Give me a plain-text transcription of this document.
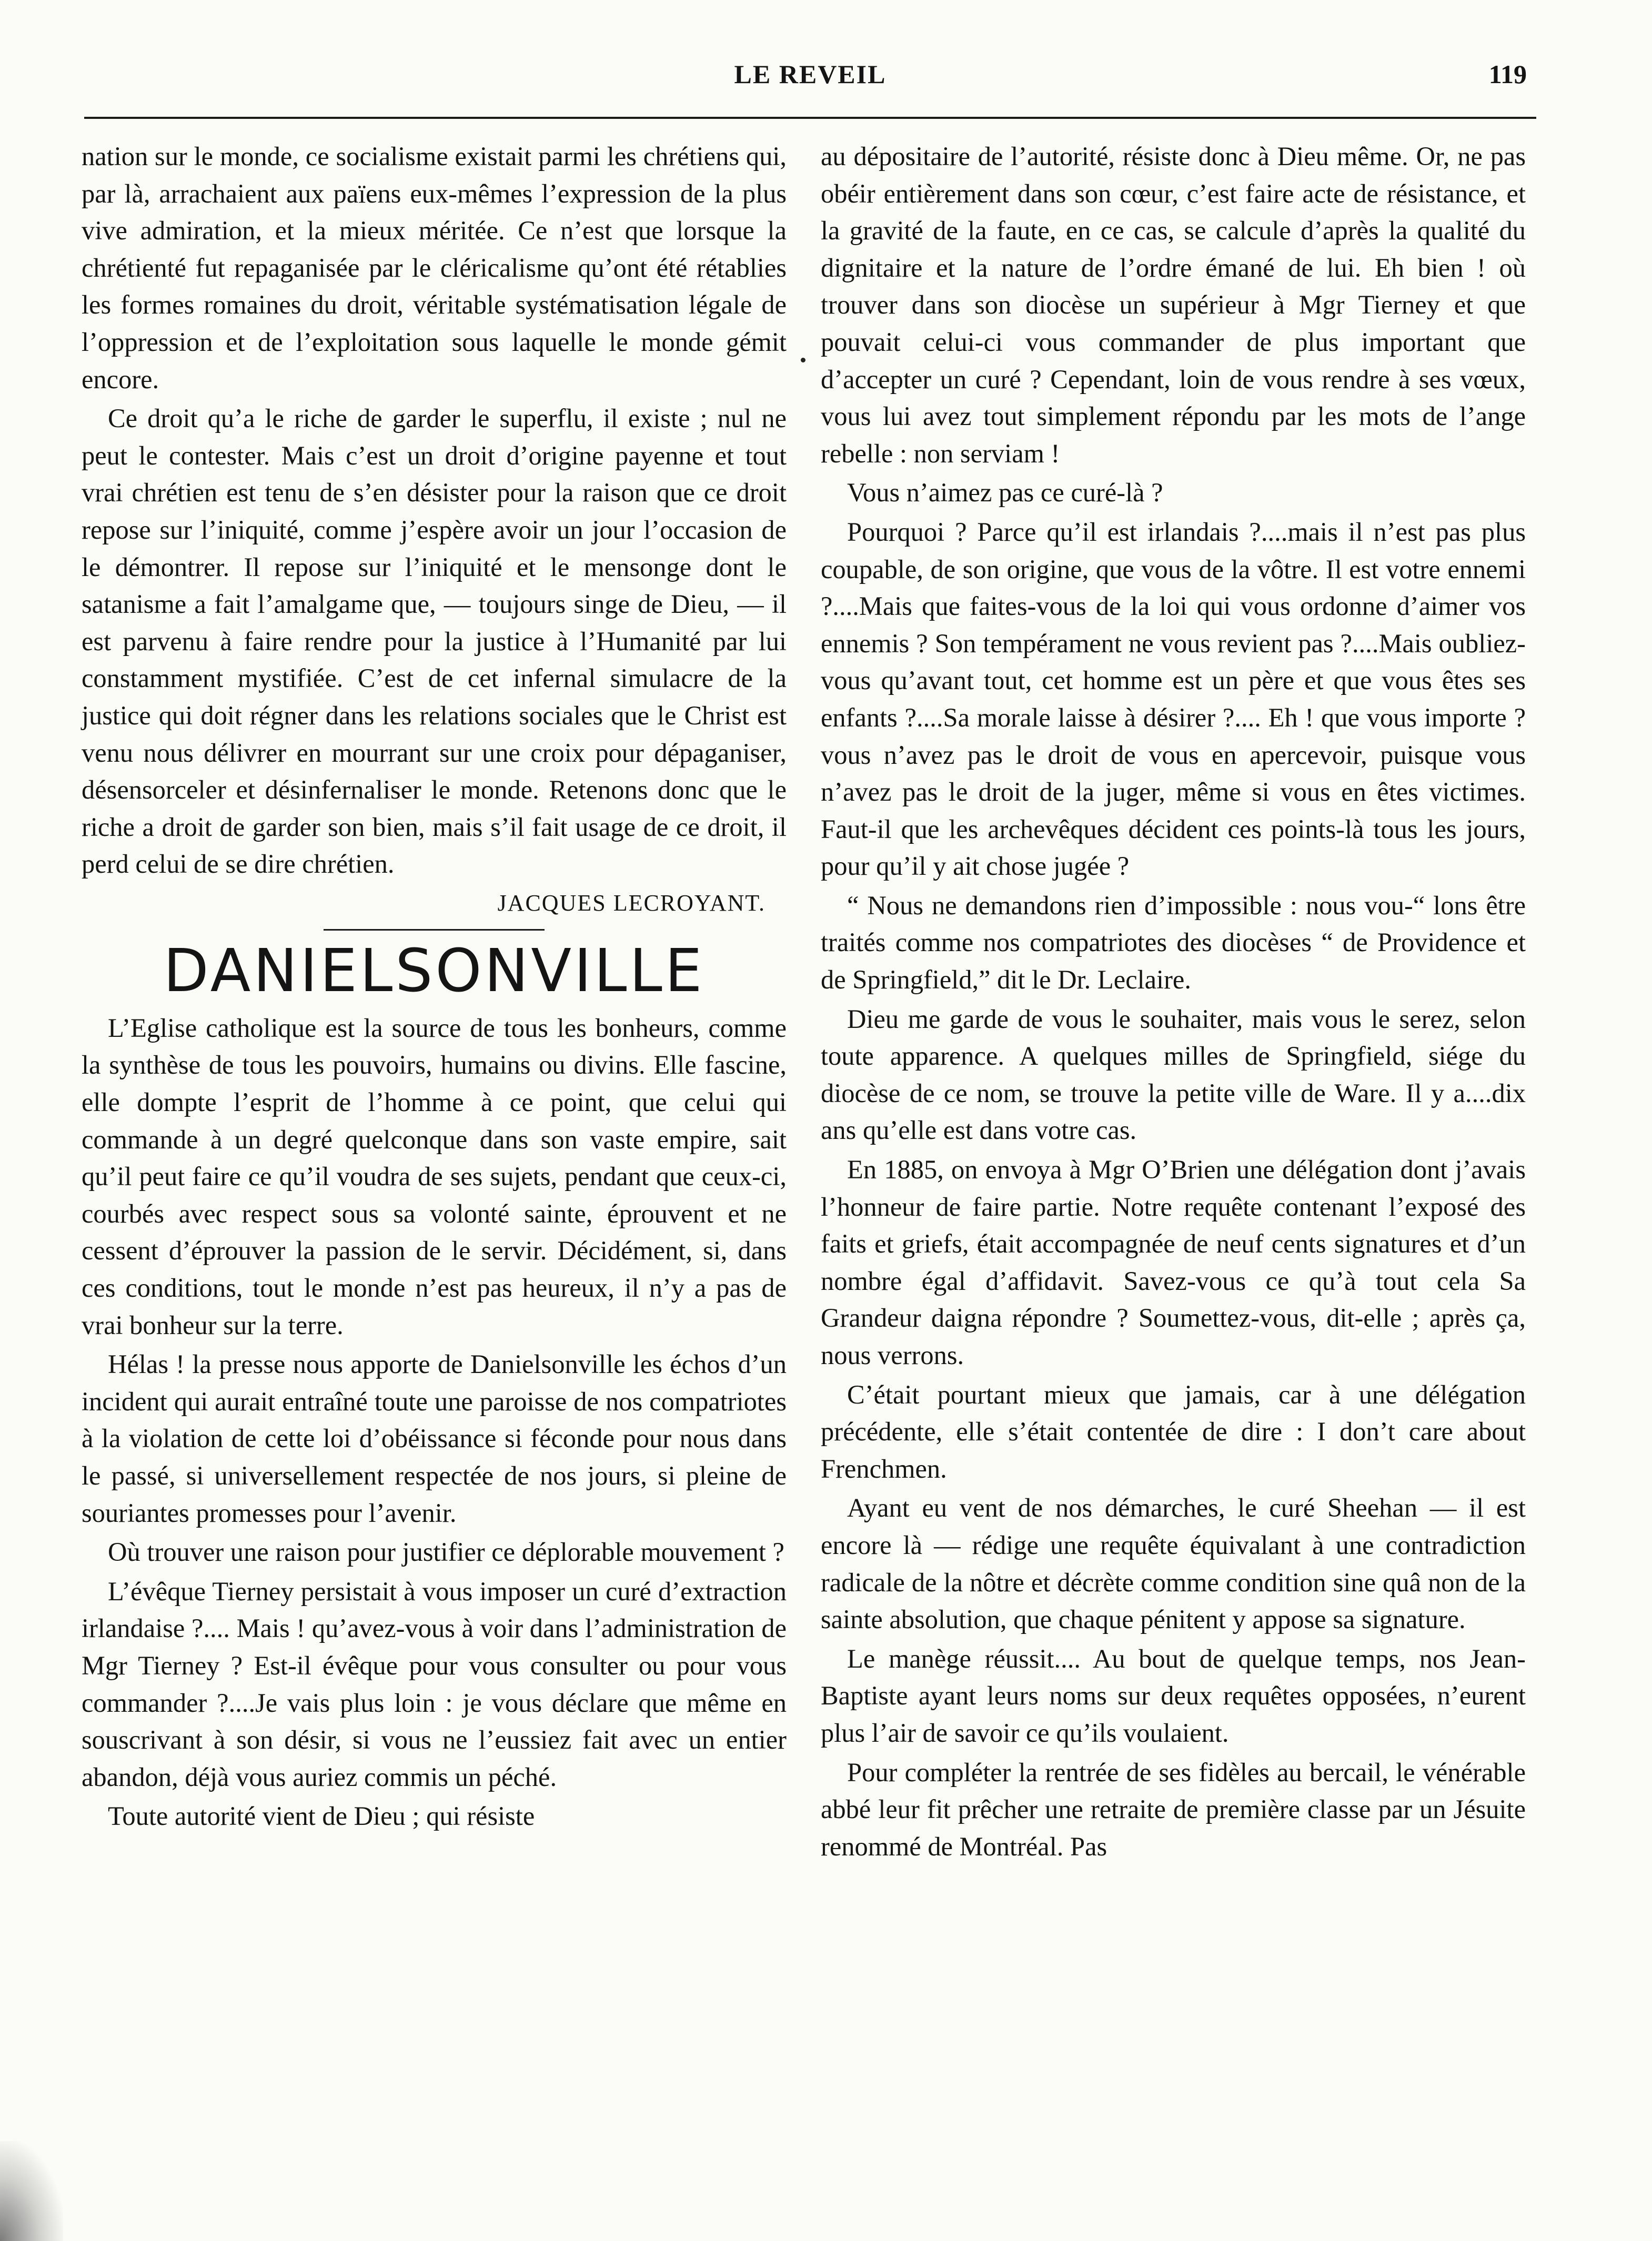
LE REVEIL	119

nation sur le monde, ce socialisme existait parmi les chrétiens qui, par là, arrachaient aux païens eux-mêmes l’expression de la plus vive admiration, et la mieux méritée. Ce n’est que lorsque la chrétienté fut repaganisée par le cléricalisme qu’ont été rétablies les formes romaines du droit, véritable systématisation légale de l’oppression et de l’exploitation sous laquelle le monde gémit encore.

Ce droit qu’a le riche de garder le superflu, il existe ; nul ne peut le contester. Mais c’est un droit d’origine payenne et tout vrai chrétien est tenu de s’en désister pour la raison que ce droit repose sur l’iniquité, comme j’espère avoir un jour l’occasion de le démontrer. Il repose sur l’iniquité et le mensonge dont le satanisme a fait l’amalgame que, — toujours singe de Dieu, — il est parvenu à faire rendre pour la justice à l’Humanité par lui constamment mystifiée. C’est de cet infernal simulacre de la justice qui doit régner dans les relations sociales que le Christ est venu nous délivrer en mourrant sur une croix pour dépaganiser, désensorceler et désinfernaliser le monde. Retenons donc que le riche a droit de garder son bien, mais s’il fait usage de ce droit, il perd celui de se dire chrétien.

JACQUES LECROYANT.

DANIELSONVILLE

L’Eglise catholique est la source de tous les bonheurs, comme la synthèse de tous les pouvoirs, humains ou divins. Elle fascine, elle dompte l’esprit de l’homme à ce point, que celui qui commande à un degré quelconque dans son vaste empire, sait qu’il peut faire ce qu’il voudra de ses sujets, pendant que ceux-ci, courbés avec respect sous sa volonté sainte, éprouvent et ne cessent d’éprouver la passion de le servir. Décidément, si, dans ces conditions, tout le monde n’est pas heureux, il n’y a pas de vrai bonheur sur la terre.

Hélas ! la presse nous apporte de Danielsonville les échos d’un incident qui aurait entraîné toute une paroisse de nos compatriotes à la violation de cette loi d’obéissance si féconde pour nous dans le passé, si universellement respectée de nos jours, si pleine de souriantes promesses pour l’avenir.

Où trouver une raison pour justifier ce déplorable mouvement ?

L’évêque Tierney persistait à vous imposer un curé d’extraction irlandaise ?.... Mais ! qu’avez-vous à voir dans l’administration de Mgr Tierney ? Est-il évêque pour vous consulter ou pour vous commander ?....Je vais plus loin : je vous déclare que même en souscrivant à son désir, si vous ne l’eussiez fait avec un entier abandon, déjà vous auriez commis un péché.

Toute autorité vient de Dieu ; qui résiste

au dépositaire de l’autorité, résiste donc à Dieu même. Or, ne pas obéir entièrement dans son cœur, c’est faire acte de résistance, et la gravité de la faute, en ce cas, se calcule d’après la qualité du dignitaire et la nature de l’ordre émané de lui. Eh bien ! où trouver dans son diocèse un supérieur à Mgr Tierney et que pouvait celui-ci vous commander de plus important que d’accepter un curé ? Cependant, loin de vous rendre à ses vœux, vous lui avez tout simplement répondu par les mots de l’ange rebelle : non serviam !

Vous n’aimez pas ce curé-là ?

Pourquoi ? Parce qu’il est irlandais ?....mais il n’est pas plus coupable, de son origine, que vous de la vôtre. Il est votre ennemi ?....Mais que faites-vous de la loi qui vous ordonne d’aimer vos ennemis ? Son tempérament ne vous revient pas ?....Mais oubliez-vous qu’avant tout, cet homme est un père et que vous êtes ses enfants ?....Sa morale laisse à désirer ?.... Eh ! que vous importe ? vous n’avez pas le droit de vous en apercevoir, puisque vous n’avez pas le droit de la juger, même si vous en êtes victimes. Faut-il que les archevêques décident ces points-là tous les jours, pour qu’il y ait chose jugée ?

“ Nous ne demandons rien d’impossible : nous vou-“ lons être traités comme nos compatriotes des diocèses “ de Providence et de Springfield,” dit le Dr. Leclaire.

Dieu me garde de vous le souhaiter, mais vous le serez, selon toute apparence. A quelques milles de Springfield, siége du diocèse de ce nom, se trouve la petite ville de Ware. Il y a....dix ans qu’elle est dans votre cas.

En 1885, on envoya à Mgr O’Brien une délégation dont j’avais l’honneur de faire partie. Notre requête contenant l’exposé des faits et griefs, était accompagnée de neuf cents signatures et d’un nombre égal d’affidavit. Savez-vous ce qu’à tout cela Sa Grandeur daigna répondre ? Soumettez-vous, dit-elle ; après ça, nous verrons.

C’était pourtant mieux que jamais, car à une délégation précédente, elle s’était contentée de dire : I don’t care about Frenchmen.

Ayant eu vent de nos démarches, le curé Sheehan — il est encore là — rédige une requête équivalant à une contradiction radicale de la nôtre et décrète comme condition sine quâ non de la sainte absolution, que chaque pénitent y appose sa signature.

Le manège réussit.... Au bout de quelque temps, nos Jean-Baptiste ayant leurs noms sur deux requêtes opposées, n’eurent plus l’air de savoir ce qu’ils voulaient.

Pour compléter la rentrée de ses fidèles au bercail, le vénérable abbé leur fit prêcher une retraite de première classe par un Jésuite renommé de Montréal. Pas
